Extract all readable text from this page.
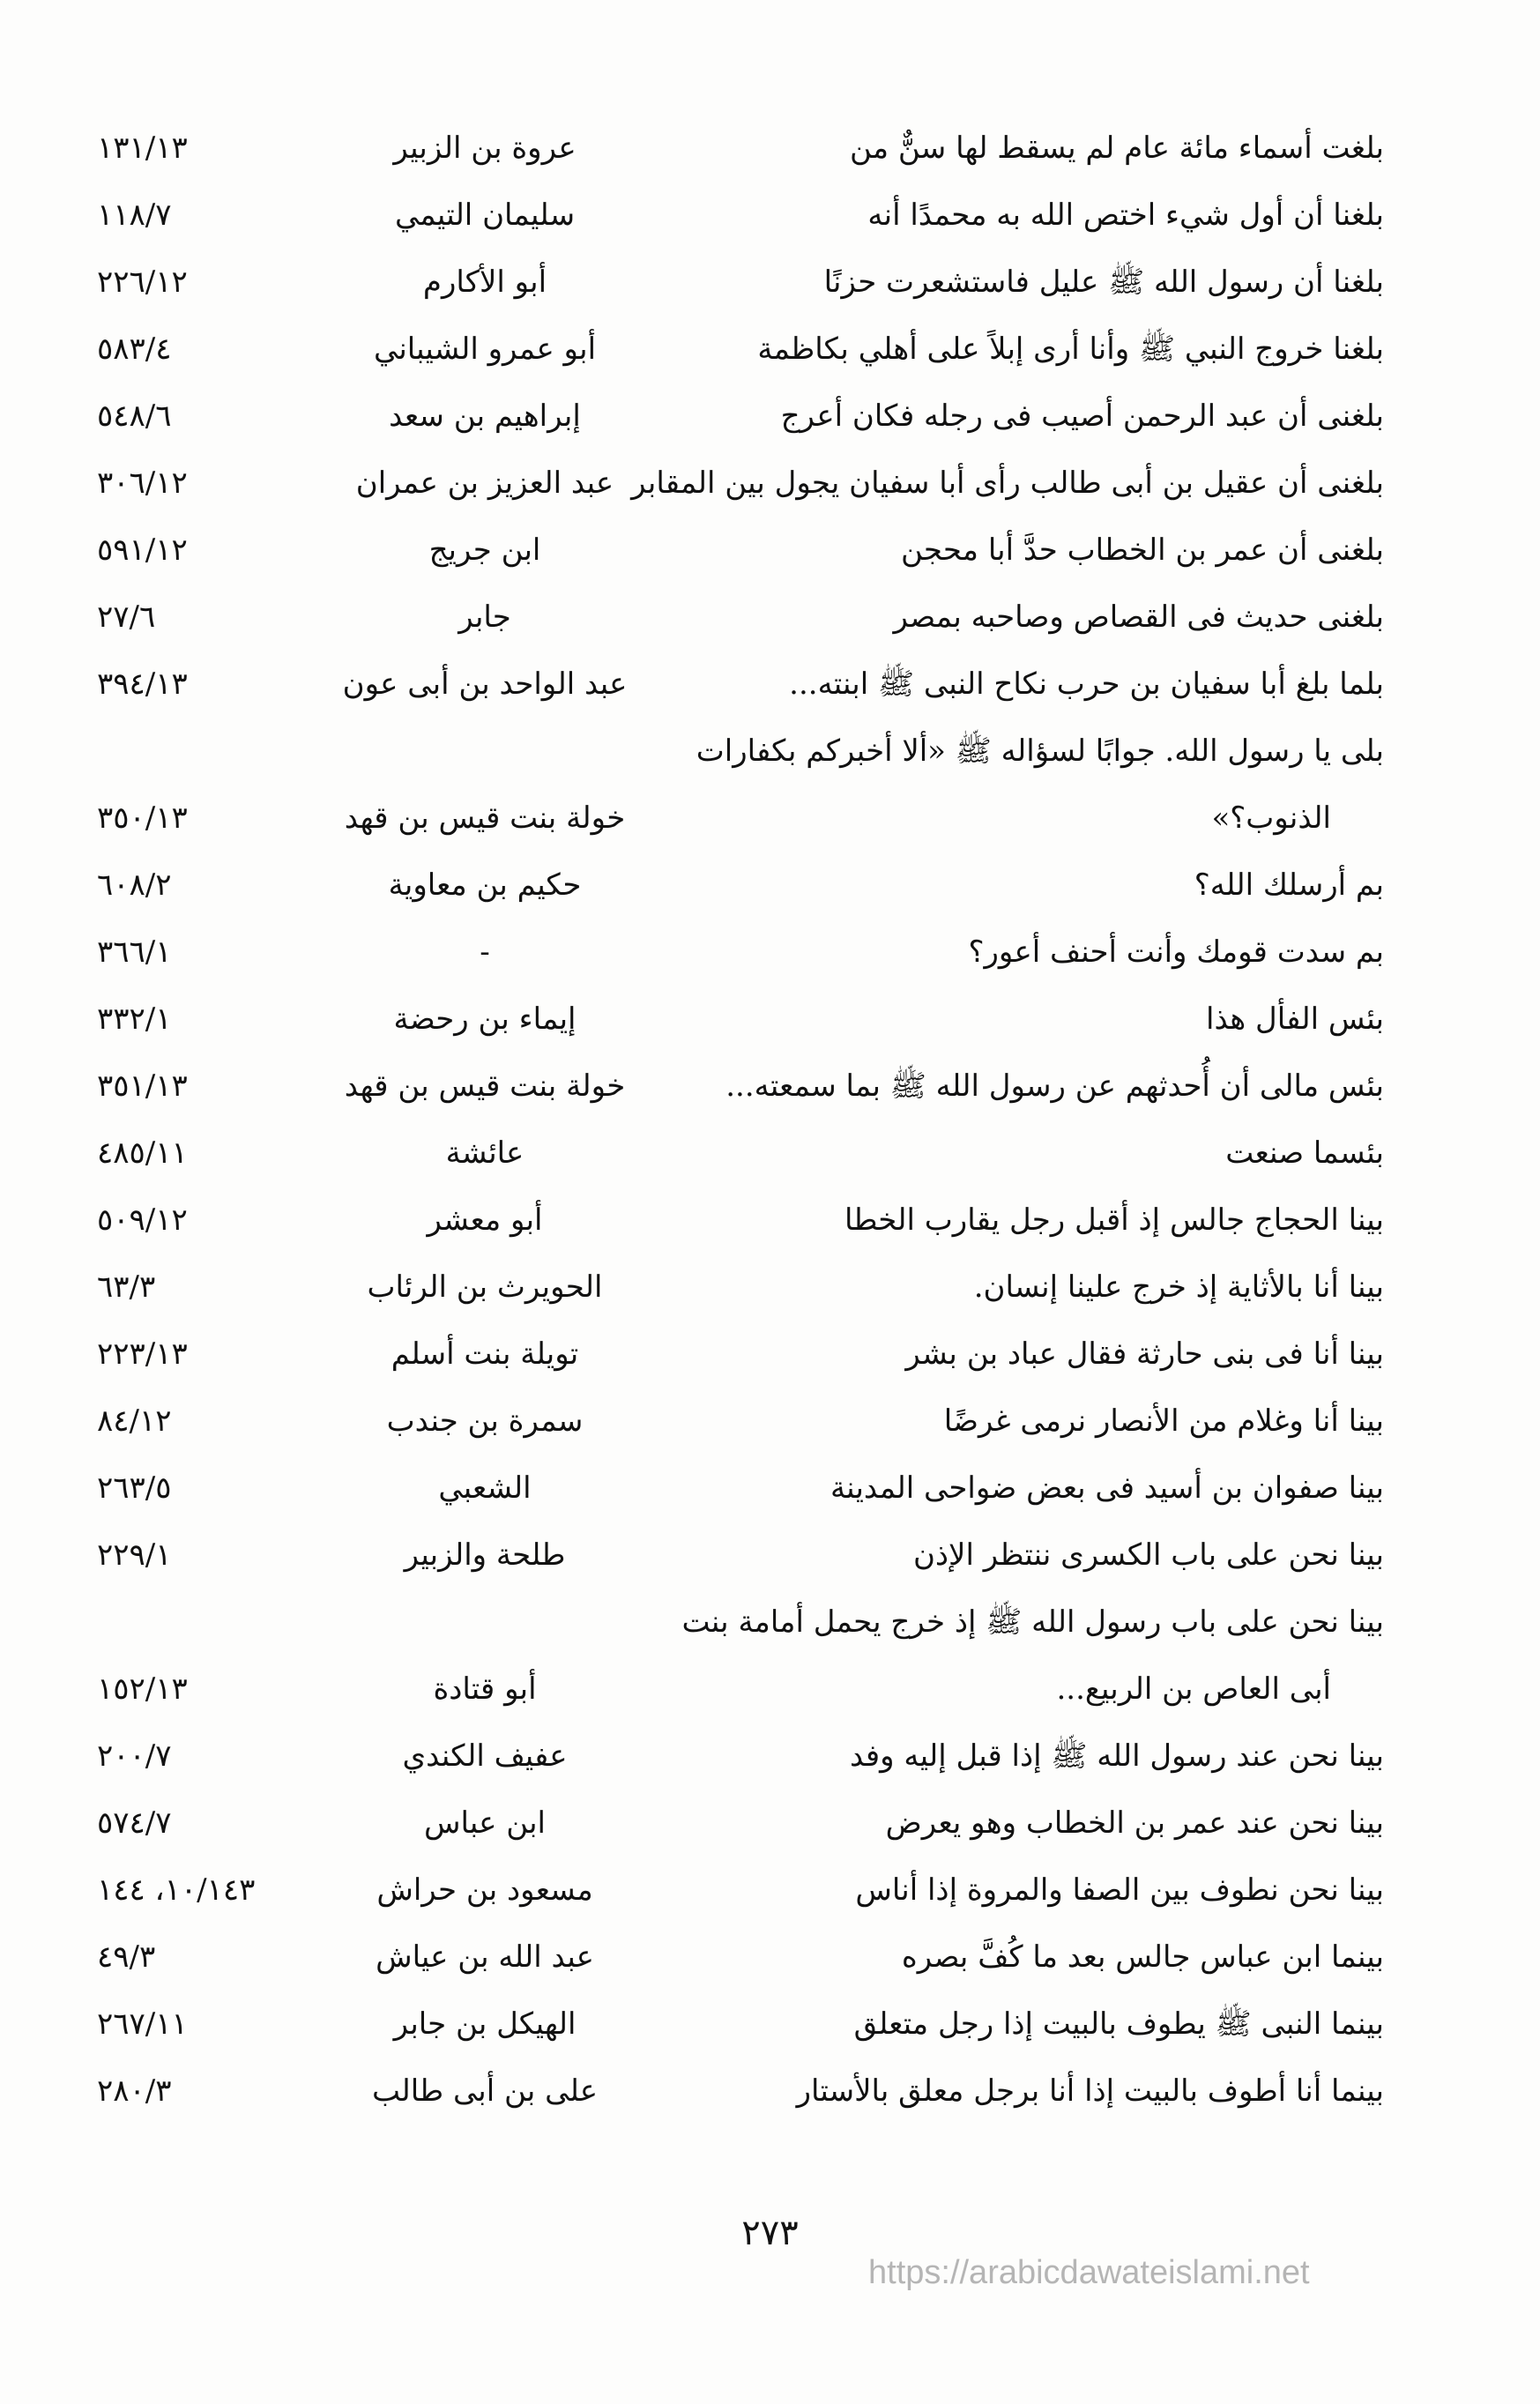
بلغت أسماء مائة عام لم يسقط لها سنٌّ من
عروة بن الزبير
١٣١/١٣
بلغنا أن أول شيء اختص الله به محمدًا أنه
سليمان التيمي
١١٨/٧
بلغنا أن رسول الله ﷺ عليل فاستشعرت حزنًا
أبو الأكارم
٢٢٦/١٢
بلغنا خروج النبي ﷺ وأنا أرى إبلاً على أهلي بكاظمة
أبو عمرو الشيباني
٥٨٣/٤
بلغنى أن عبد الرحمن أصيب فى رجله فكان أعرج
إبراهيم بن سعد
٥٤٨/٦
بلغنى أن عقيل بن أبى طالب رأى أبا سفيان يجول بين المقابر
عبد العزيز بن عمران
٣٠٦/١٢
بلغنى أن عمر بن الخطاب حدَّ أبا محجن
ابن جريج
٥٩١/١٢
بلغنى حديث فى القصاص وصاحبه بمصر
جابر
٢٧/٦
بلما بلغ أبا سفيان بن حرب نكاح النبى ﷺ ابنته...
عبد الواحد بن أبى عون
٣٩٤/١٣
بلى يا رسول الله. جوابًا لسؤاله ﷺ «ألا أخبركم بكفارات
الذنوب؟»
خولة بنت قيس بن قهد
٣٥٠/١٣
بم أرسلك الله؟
حكيم بن معاوية
٦٠٨/٢
بم سدت قومك وأنت أحنف أعور؟
-
٣٦٦/١
بئس الفأل هذا
إيماء بن رحضة
٣٣٢/١
بئس مالى أن أُحدثهم عن رسول الله ﷺ بما سمعته...
خولة بنت قيس بن قهد
٣٥١/١٣
بئسما صنعت
عائشة
٤٨٥/١١
بينا الحجاج جالس إذ أقبل رجل يقارب الخطا
أبو معشر
٥٠٩/١٢
بينا أنا بالأثاية إذ خرج علينا إنسان.
الحويرث بن الرئاب
٦٣/٣
بينا أنا فى بنى حارثة فقال عباد بن بشر
تويلة بنت أسلم
٢٢٣/١٣
بينا أنا وغلام من الأنصار نرمى غرضًا
سمرة بن جندب
٨٤/١٢
بينا صفوان بن أسيد فى بعض ضواحى المدينة
الشعبي
٢٦٣/٥
بينا نحن على باب الكسرى ننتظر الإذن
طلحة والزبير
٢٢٩/١
بينا نحن على باب رسول الله ﷺ إذ خرج يحمل أمامة بنت
أبى العاص بن الربيع...
أبو قتادة
١٥٢/١٣
بينا نحن عند رسول الله ﷺ إذا قبل إليه وفد
عفيف الكندي
٢٠٠/٧
بينا نحن عند عمر بن الخطاب وهو يعرض
ابن عباس
٥٧٤/٧
بينا نحن نطوف بين الصفا والمروة إذا أناس
مسعود بن حراش
١٠/١٤٣، ١٤٤
بينما ابن عباس جالس بعد ما كُفَّ بصره
عبد الله بن عياش
٤٩/٣
بينما النبى ﷺ يطوف بالبيت إذا رجل متعلق
الهيكل بن جابر
٢٦٧/١١
بينما أنا أطوف بالبيت إذا أنا برجل معلق بالأستار
على بن أبى طالب
٢٨٠/٣
٢٧٣
https://arabicdawateislami.net
